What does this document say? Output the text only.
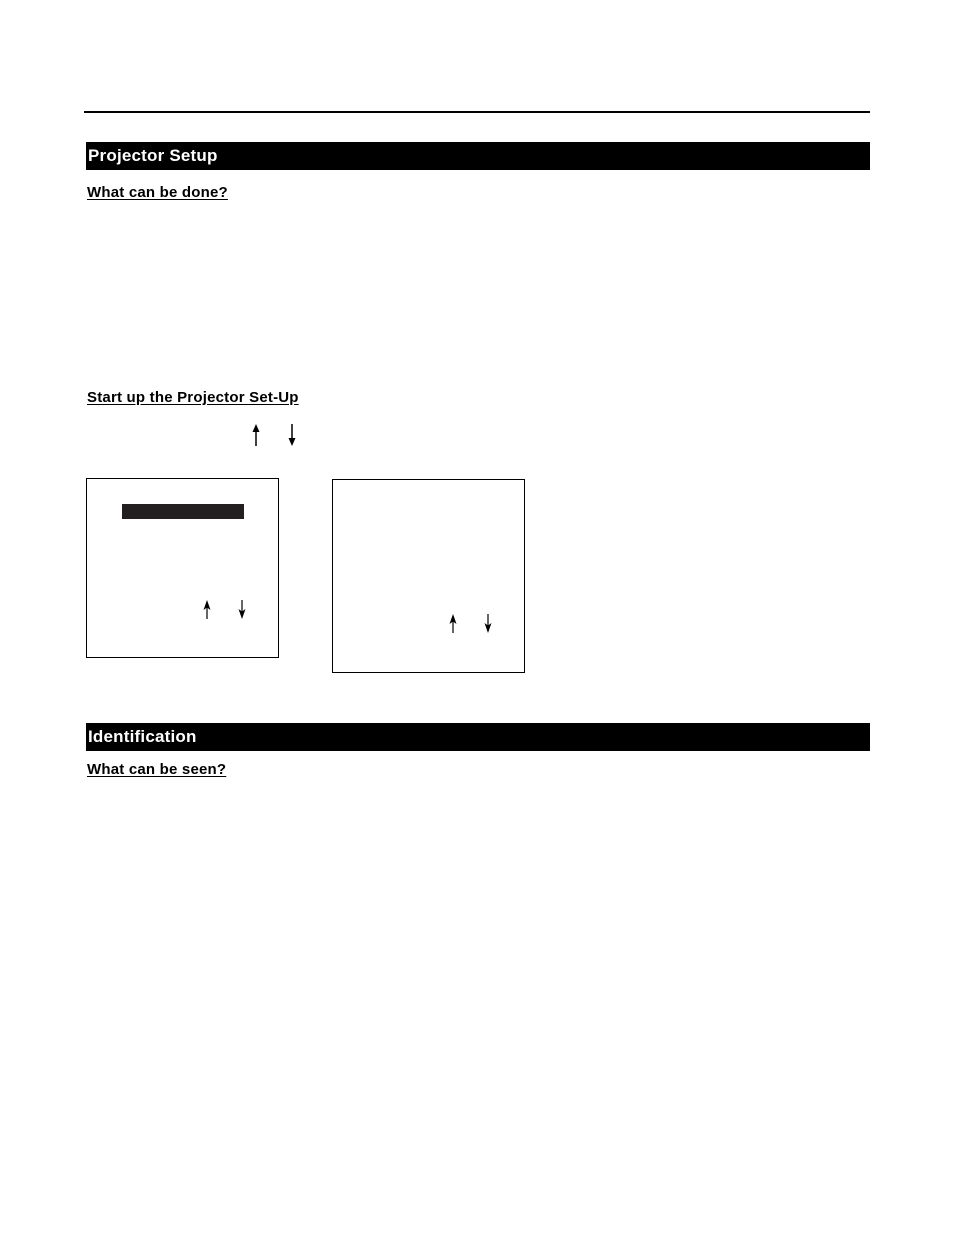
Projector Setup
What can be done?
Start up the Projector Set-Up
Identification
What can be seen?
